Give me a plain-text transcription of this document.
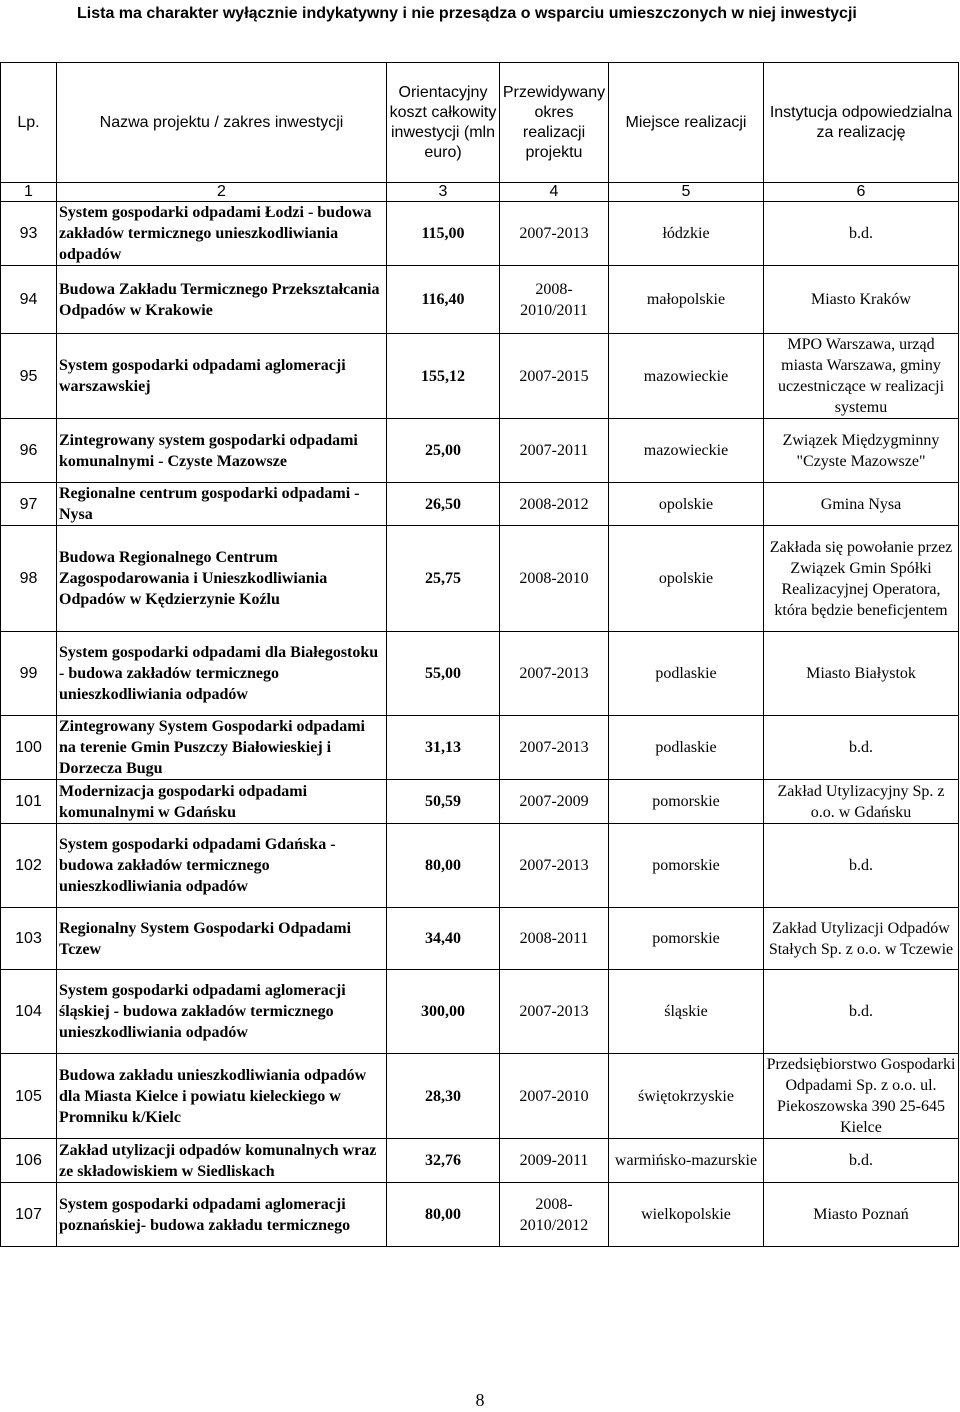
Lista ma charakter wyłącznie indykatywny i nie przesądza o wsparciu umieszczonych w niej inwestycji
Lp.	Nazwa projektu / zakres inwestycji	Orientacyjny koszt całkowity inwestycji (mln euro)	Przewidywany okres realizacji projektu	Miejsce realizacji	Instytucja odpowiedzialna za realizację
1	2	3	4	5	6
93	System gospodarki odpadami Łodzi - budowa zakładów termicznego unieszkodliwiania odpadów	115,00	2007-2013	łódzkie	b.d.
94	Budowa Zakładu Termicznego Przekształcania Odpadów w Krakowie	116,40	2008-2010/2011	małopolskie	Miasto Kraków
95	System gospodarki odpadami aglomeracji warszawskiej	155,12	2007-2015	mazowieckie	MPO Warszawa, urząd miasta Warszawa, gminy uczestniczące w realizacji systemu
96	Zintegrowany system gospodarki odpadami komunalnymi - Czyste Mazowsze	25,00	2007-2011	mazowieckie	Związek Międzygminny "Czyste Mazowsze"
97	Regionalne centrum gospodarki odpadami - Nysa	26,50	2008-2012	opolskie	Gmina Nysa
98	Budowa Regionalnego Centrum Zagospodarowania i Unieszkodliwiania Odpadów w Kędzierzynie Koźlu	25,75	2008-2010	opolskie	Zakłada się powołanie przez Związek Gmin Spółki Realizacyjnej Operatora, która będzie beneficjentem
99	System gospodarki odpadami dla Białegostoku - budowa zakładów termicznego unieszkodliwiania odpadów	55,00	2007-2013	podlaskie	Miasto Białystok
100	Zintegrowany System Gospodarki odpadami na terenie Gmin Puszczy Białowieskiej i Dorzecza Bugu	31,13	2007-2013	podlaskie	b.d.
101	Modernizacja gospodarki odpadami komunalnymi w Gdańsku	50,59	2007-2009	pomorskie	Zakład Utylizacyjny Sp. z o.o. w Gdańsku
102	System gospodarki odpadami Gdańska - budowa zakładów termicznego unieszkodliwiania odpadów	80,00	2007-2013	pomorskie	b.d.
103	Regionalny System Gospodarki Odpadami Tczew	34,40	2008-2011	pomorskie	Zakład Utylizacji Odpadów Stałych Sp. z o.o. w Tczewie
104	System gospodarki odpadami aglomeracji śląskiej - budowa zakładów termicznego unieszkodliwiania odpadów	300,00	2007-2013	śląskie	b.d.
105	Budowa zakładu unieszkodliwiania odpadów dla Miasta Kielce i powiatu kieleckiego w Promniku k/Kielc	28,30	2007-2010	świętokrzyskie	Przedsiębiorstwo Gospodarki Odpadami Sp. z o.o. ul. Piekoszowska 390 25-645 Kielce
106	Zakład utylizacji odpadów komunalnych wraz ze składowiskiem w Siedliskach	32,76	2009-2011	warmińsko-mazurskie	b.d.
107	System gospodarki odpadami aglomeracji poznańskiej- budowa zakładu termicznego	80,00	2008-2010/2012	wielkopolskie	Miasto Poznań
8
